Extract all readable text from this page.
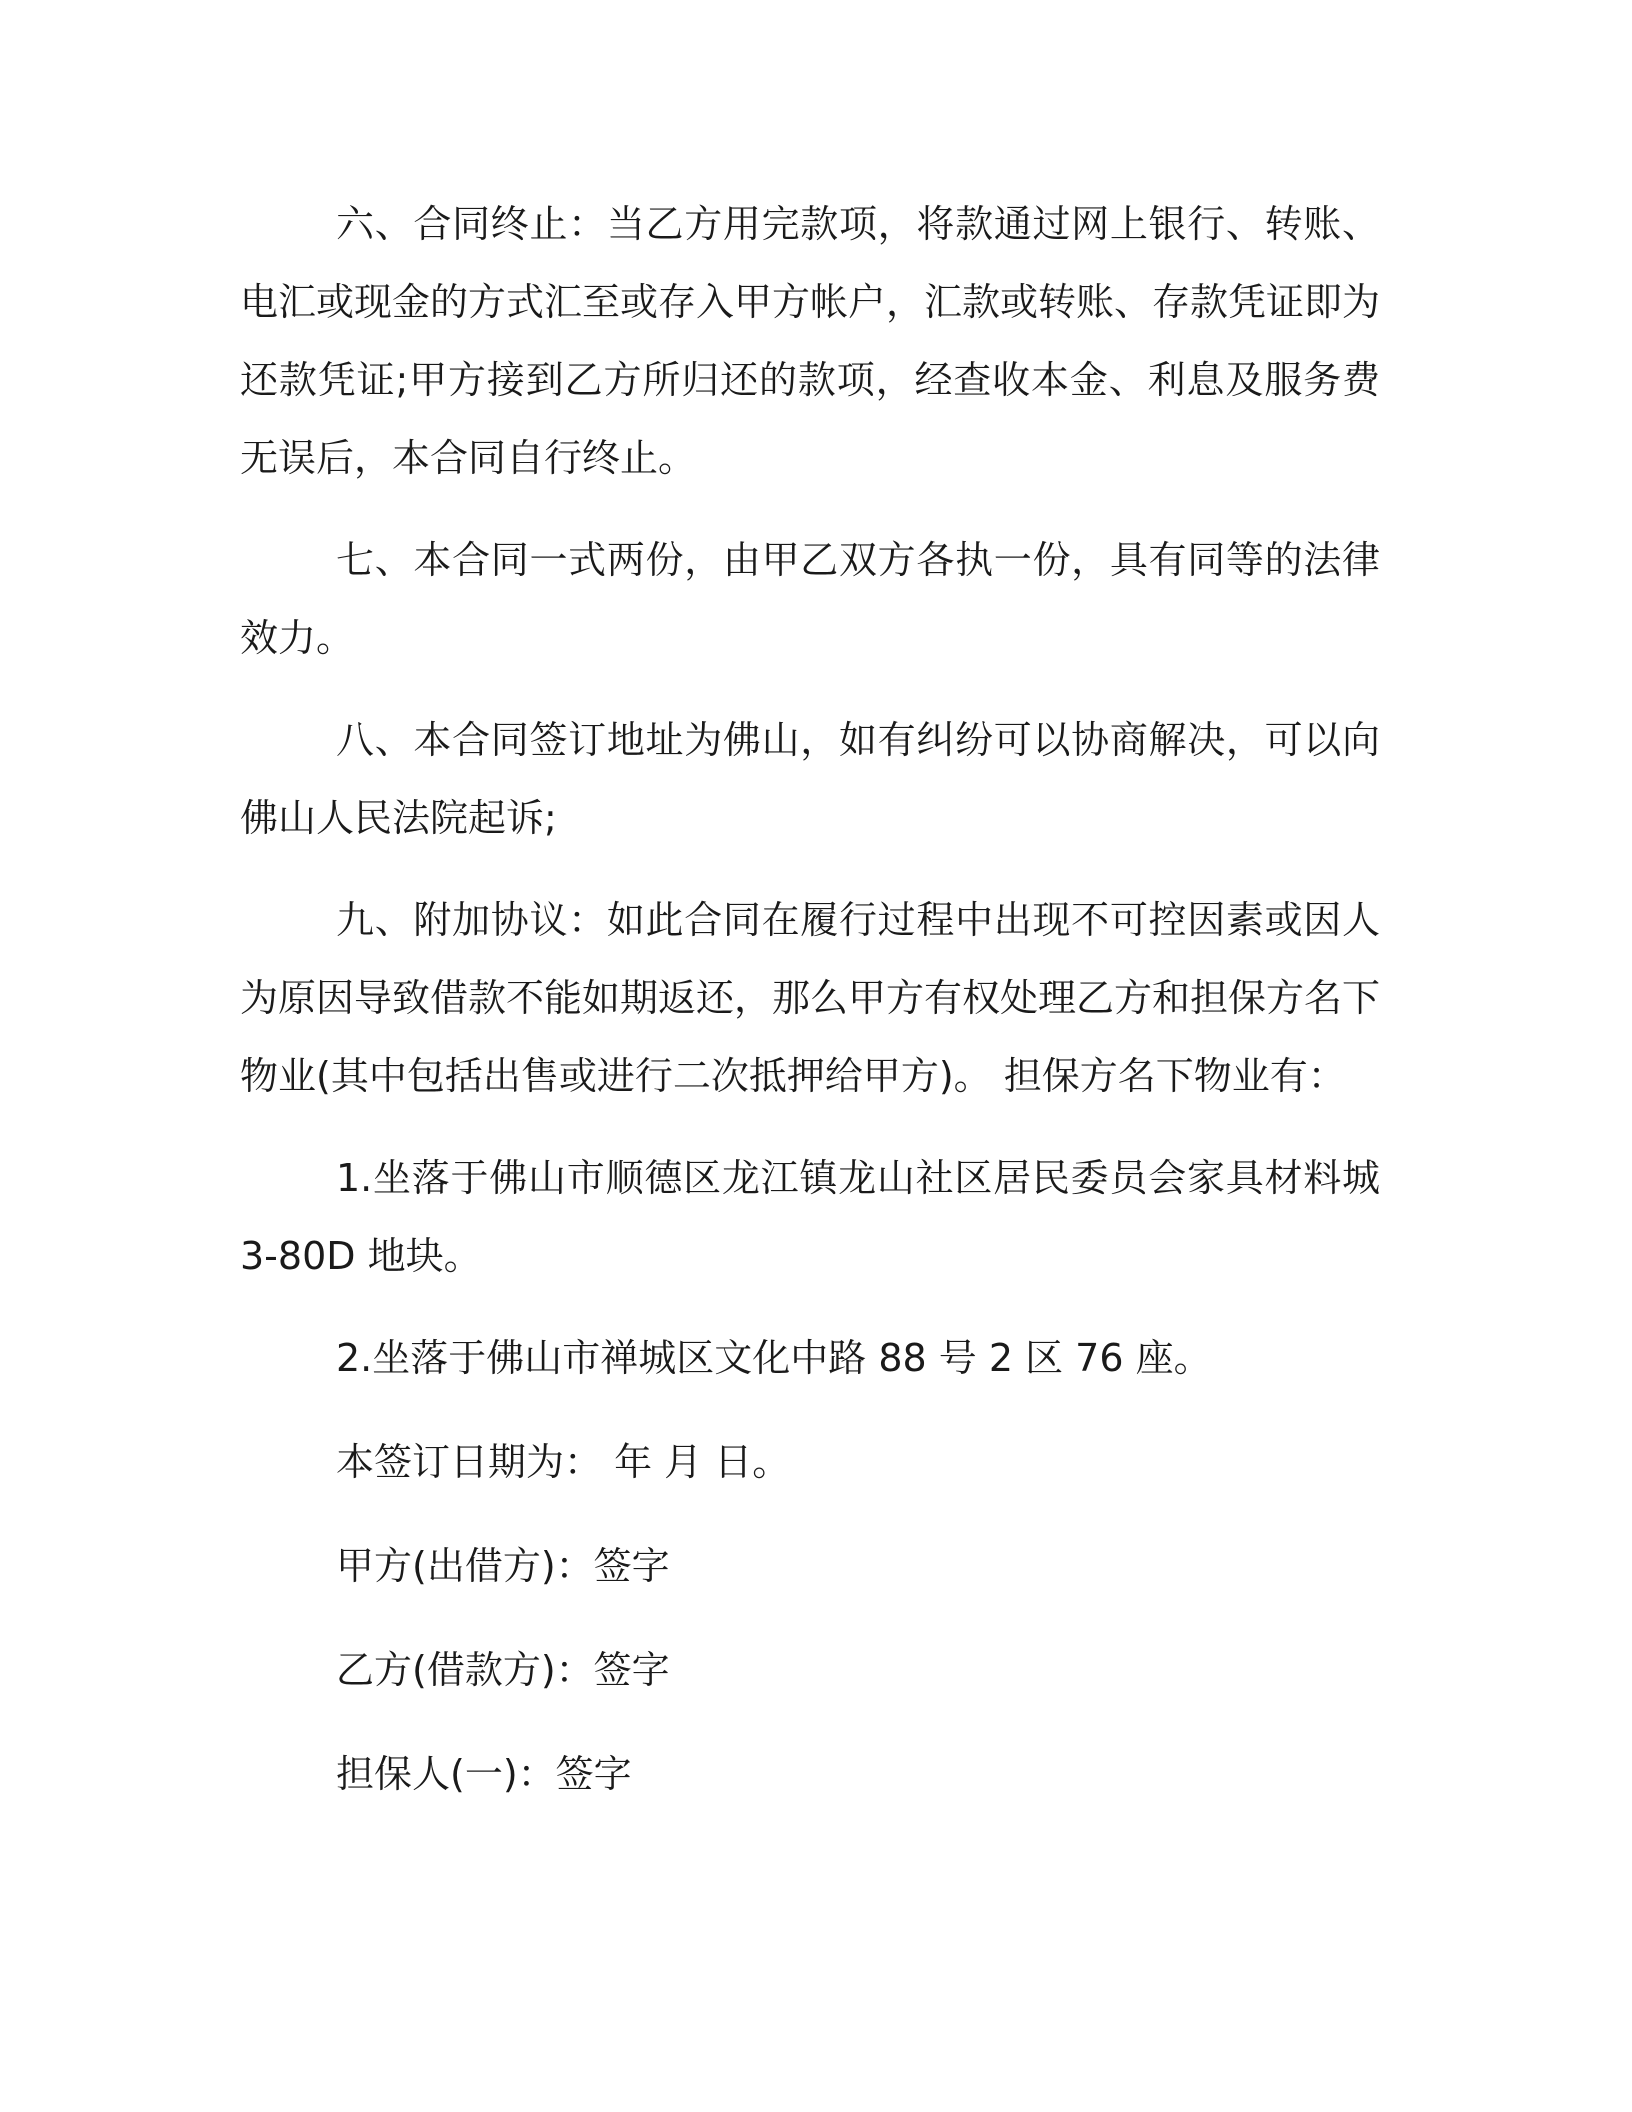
六、合同终止：当乙方用完款项，将款通过网上银行、转账、电汇或现金的方式汇至或存入甲方帐户，汇款或转账、存款凭证即为还款凭证;甲方接到乙方所归还的款项，经查收本金、利息及服务费无误后，本合同自行终止。

七、本合同一式两份，由甲乙双方各执一份，具有同等的法律效力。

八、本合同签订地址为佛山，如有纠纷可以协商解决，可以向佛山人民法院起诉;

九、附加协议：如此合同在履行过程中出现不可控因素或因人为原因导致借款不能如期返还，那么甲方有权处理乙方和担保方名下物业(其中包括出售或进行二次抵押给甲方)。 担保方名下物业有：

1.坐落于佛山市顺德区龙江镇龙山社区居民委员会家具材料城 3-80D 地块。

2.坐落于佛山市禅城区文化中路 88 号 2 区 76 座。

本签订日期为： 年 月 日。

甲方(出借方)：签字

乙方(借款方)：签字

担保人(一)：签字
